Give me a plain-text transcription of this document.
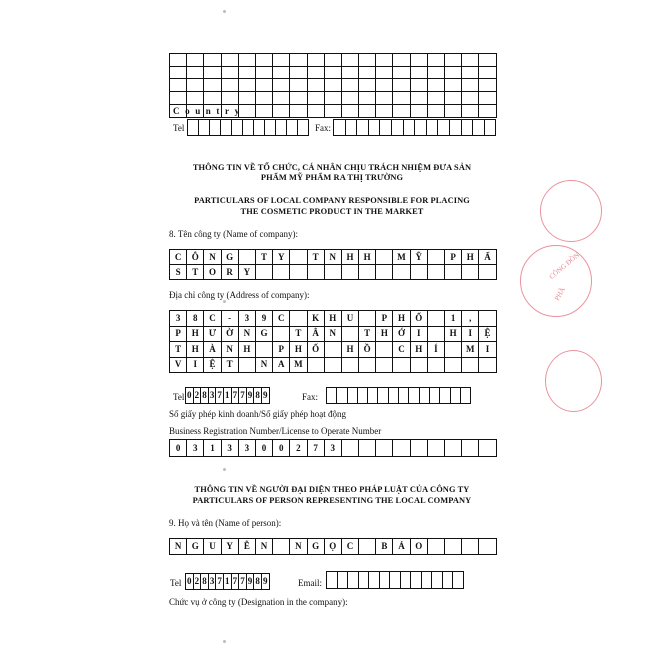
Country
Tel	Fax:
THÔNG TIN VỀ TỔ CHỨC, CÁ NHÂN CHỊU TRÁCH NHIỆM ĐƯA SẢN
PHẨM MỸ PHẨM RA THỊ TRƯỜNG
PARTICULARS OF LOCAL COMPANY RESPONSIBLE FOR PLACING
THE COSMETIC PRODUCT IN THE MARKET
8. Tên công ty (Name of company):
C	Ô	N	G	T	Y	T	N	H	H	M	Ỹ	P	H	Ẩ
S	T	O	R	Y
Địa chỉ công ty (Address of company):
3	8	C	-	3	9	C	K	H	U	P	H	Ố	1	,
P	H	Ư	Ờ	N	G	T	Â	N	T	H	Ớ	I	H	I	Ệ
T	H	À	N	H	P	H	Ố	H	Ồ	C	H	Í	M	I
V	I	Ệ	T	N	A	M
Tel 0 2 8 3 7 1 7 7 9 8 9	Fax:
Số giấy phép kinh doanh/Số giấy phép hoạt động
Business Registration Number/License to Operate Number
0	3	1	3	3	0	0	2	7	3
THÔNG TIN VỀ NGƯỜI ĐẠI DIỆN THEO PHÁP LUẬT CỦA CÔNG TY
PARTICULARS OF PERSON REPRESENTING THE LOCAL COMPANY
9. Họ và tên (Name of person):
N	G	U	Y	Ễ	N	N	G	Ọ	C	B	Ả	O
Tel 0 2 8 3 7 1 7 7 9 8 9	Email:
Chức vụ ở công ty (Designation in the company):
CÔNG ĐỒN
PHẦ
